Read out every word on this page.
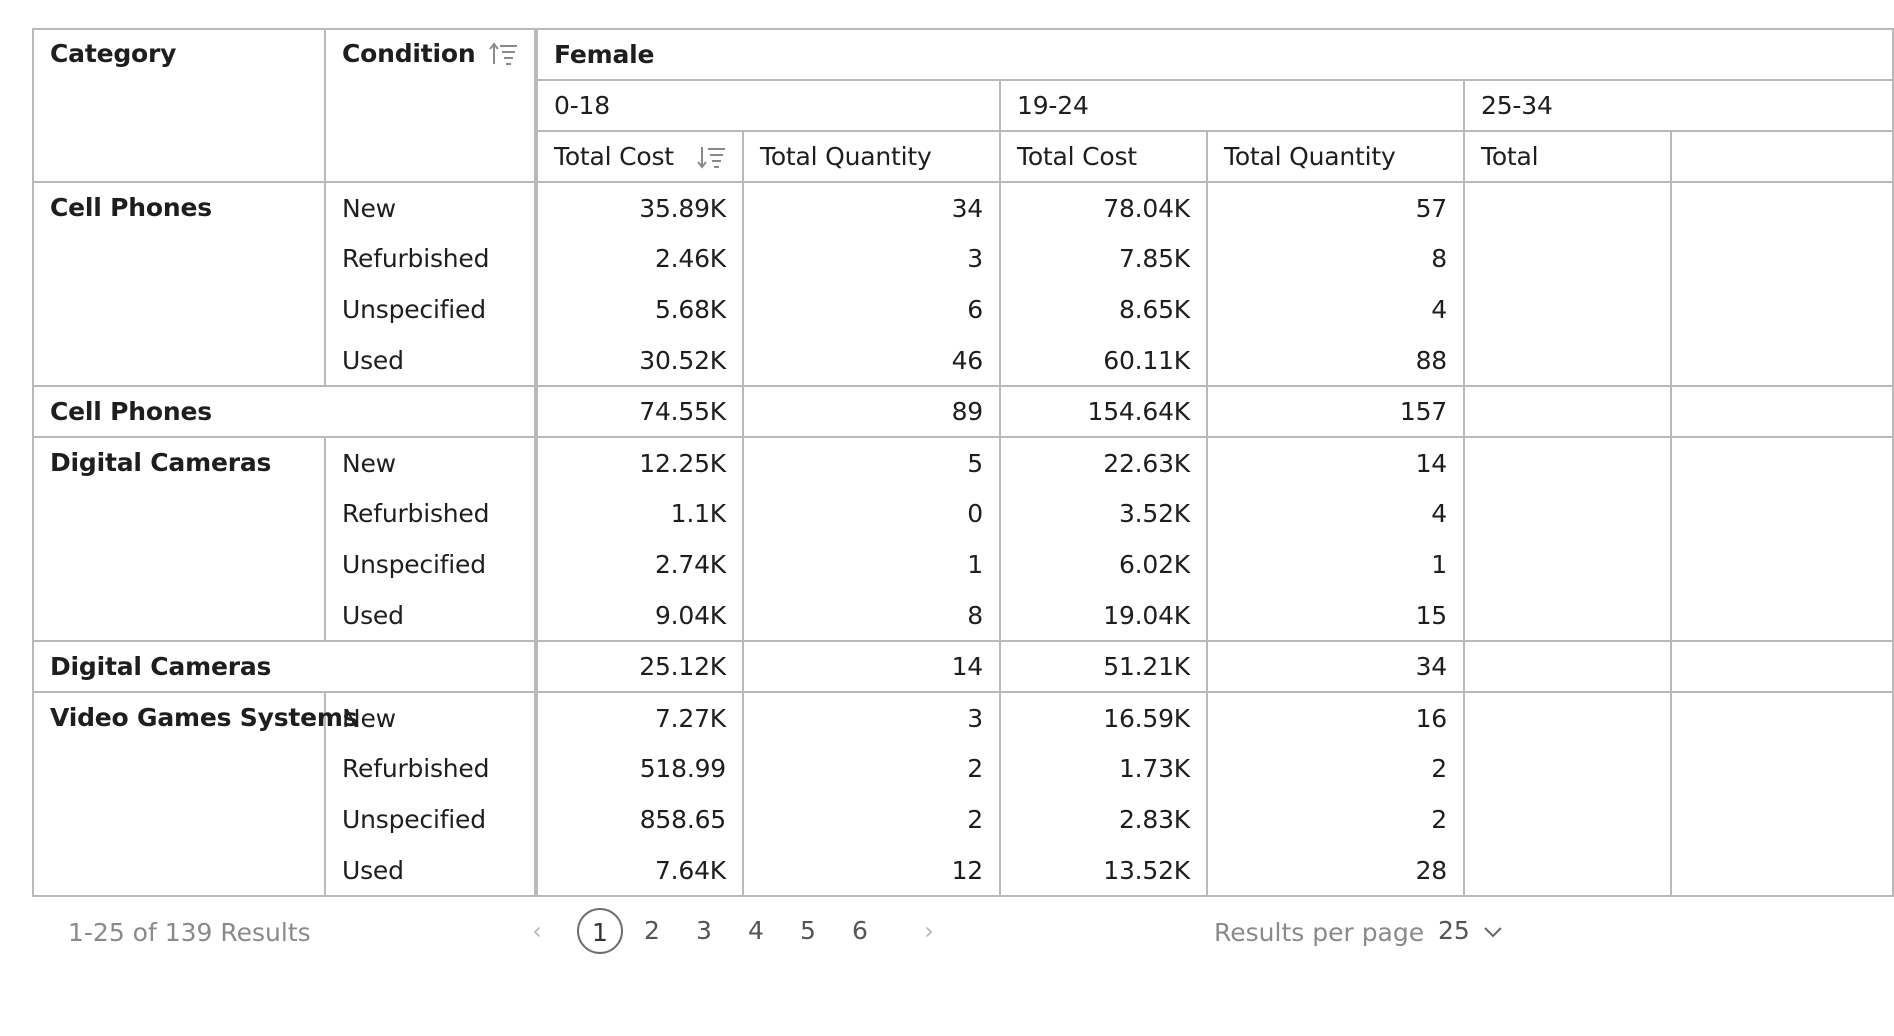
Category	Condition	Female					
		0-18		19-24		25-34	

		Total Cost	Total Quantity	Total Cost	Total Quantity	Total	
Cell Phones	New	35.89K	34	78.04K	57		
	Refurbished	2.46K	3	7.85K	8		
	Unspecified	5.68K	6	8.65K	4		
	Used	30.52K	46	60.11K	88		
Cell Phones		74.55K	89	154.64K	157		
Digital Cameras	New	12.25K	5	22.63K	14		
	Refurbished	1.1K	0	3.52K	4		
	Unspecified	2.74K	1	6.02K	1		
	Used	9.04K	8	19.04K	15		
Digital Cameras		25.12K	14	51.21K	34		
Video Games Systems	New	7.27K	3	16.59K	16		
	Refurbished	518.99	2	1.73K	2		
	Unspecified	858.65	2	2.83K	2		
	Used	7.64K	12	13.52K	28		
1-25 of 139 Results	‹	1	2	3	4	5	6	›	Results per page 25
